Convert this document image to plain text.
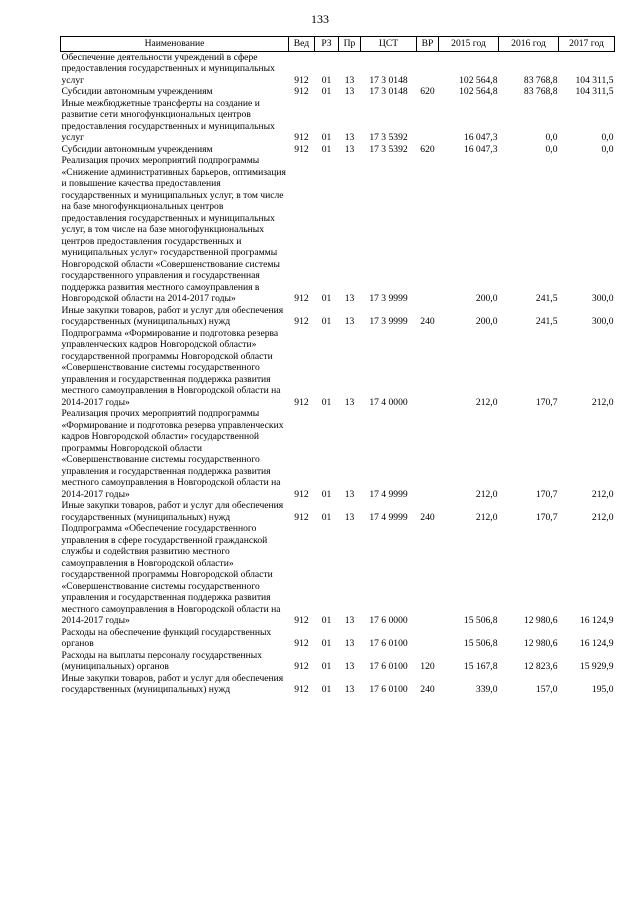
133
Наименование	Вед	РЗ	Пр	ЦСТ	ВР	2015 год	2016 год	2017 год
Обеспечение деятельности учреждений в сфере предоставления государственных и муниципальных услуг	912	01	13	17 3 0148		102 564,8	83 768,8	104 311,5
Субсидии автономным учреждениям	912	01	13	17 3 0148	620	102 564,8	83 768,8	104 311,5
Иные межбюджетные трансферты на создание и развитие сети многофункциональных центров предоставления государственных и муниципальных услуг	912	01	13	17 3 5392		16 047,3	0,0	0,0
Субсидии автономным учреждениям	912	01	13	17 3 5392	620	16 047,3	0,0	0,0
Реализация прочих мероприятий подпрограммы «Снижение административных барьеров, оптимизация и повышение качества предоставления государственных и муниципальных услуг, в том числе на базе многофункциональных центров предоставления государственных и муниципальных услуг, в том числе на базе многофункциональных центров предоставления государственных и муниципальных услуг» государственной программы Новгородской области «Совершенствование системы государственного управления и государственная поддержка развития местного самоуправления в Новгородской области на 2014-2017 годы»	912	01	13	17 3 9999		200,0	241,5	300,0
Иные закупки товаров, работ и услуг для обеспечения государственных (муниципальных) нужд	912	01	13	17 3 9999	240	200,0	241,5	300,0
Подпрограмма «Формирование и подготовка резерва управленческих кадров Новгородской области» государственной программы Новгородской области «Совершенствование системы государственного управления и государственная поддержка развития местного самоуправления в Новгородской области на 2014-2017 годы»	912	01	13	17 4 0000		212,0	170,7	212,0
Реализация прочих мероприятий подпрограммы «Формирование и подготовка резерва управленческих кадров Новгородской области» государственной программы Новгородской области «Совершенствование системы государственного управления и государственная поддержка развития местного самоуправления в Новгородской области на 2014-2017 годы»	912	01	13	17 4 9999		212,0	170,7	212,0
Иные закупки товаров, работ и услуг для обеспечения государственных (муниципальных) нужд	912	01	13	17 4 9999	240	212,0	170,7	212,0
Подпрограмма «Обеспечение государственного управления в сфере государственной гражданской службы и содействия развитию местного самоуправления в Новгородской области» государственной программы Новгородской области «Совершенствование системы государственного управления и государственная поддержка развития местного самоуправления в Новгородской области на 2014-2017 годы»	912	01	13	17 6 0000		15 506,8	12 980,6	16 124,9
Расходы на обеспечение функций государственных органов	912	01	13	17 6 0100		15 506,8	12 980,6	16 124,9
Расходы на выплаты персоналу государственных (муниципальных) органов	912	01	13	17 6 0100	120	15 167,8	12 823,6	15 929,9
Иные закупки товаров, работ и услуг для обеспечения государственных (муниципальных) нужд	912	01	13	17 6 0100	240	339,0	157,0	195,0
